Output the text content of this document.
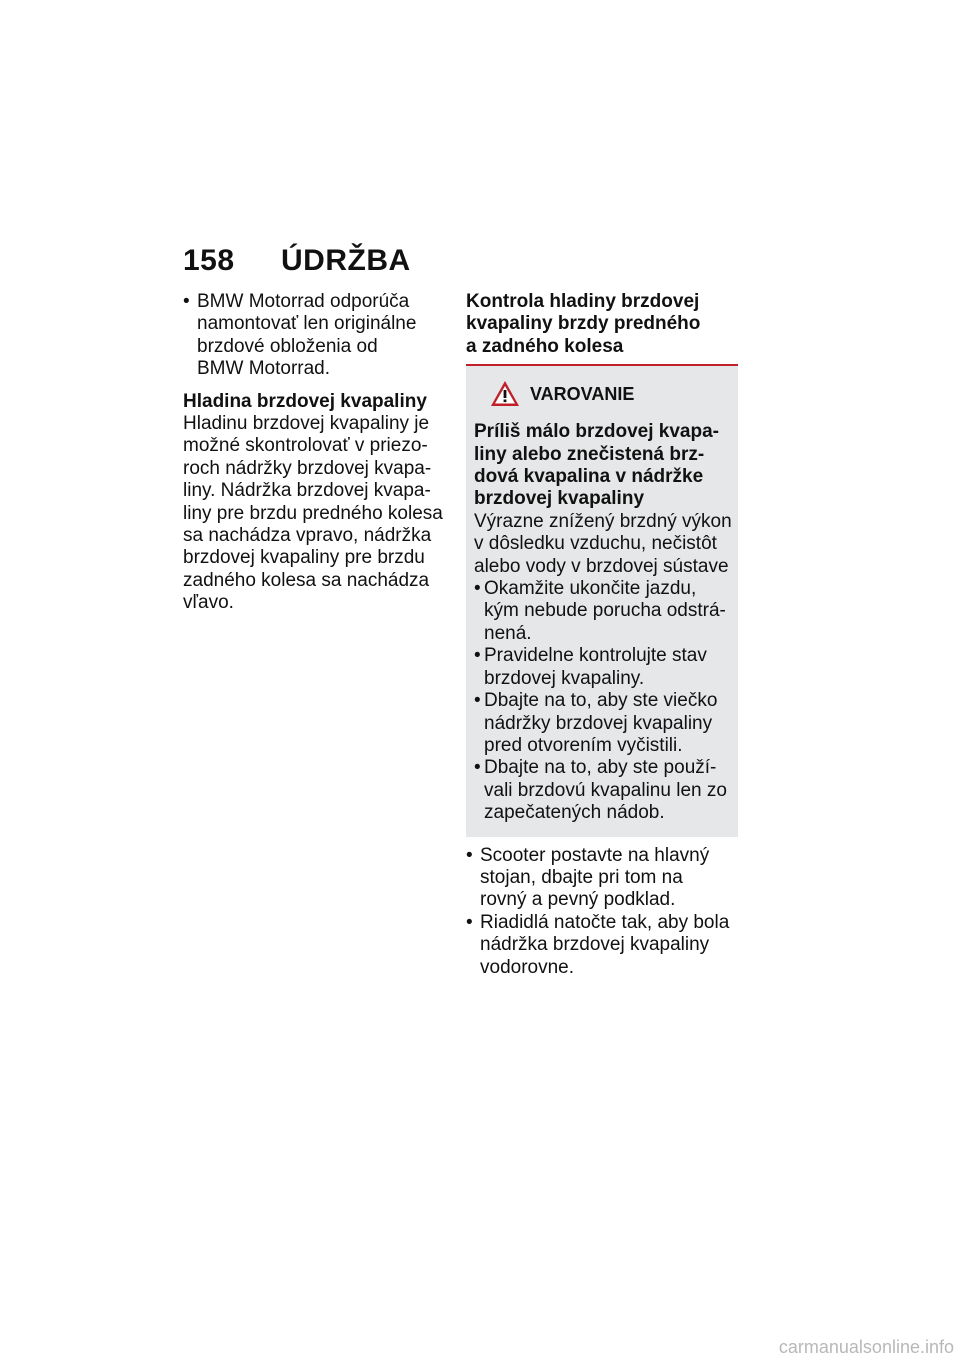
158 ÚDRŽBA
• BMW Motorrad odporúča
namontovať len originálne
brzdové obloženia od
BMW Motorrad.
Hladina brzdovej kvapaliny
Hladinu brzdovej kvapaliny je
možné skontrolovať v priezo-
roch nádržky brzdovej kvapa-
liny. Nádržka brzdovej kvapa-
liny pre brzdu predného kolesa
sa nachádza vpravo, nádržka
brzdovej kvapaliny pre brzdu
zadného kolesa sa nachádza
vľavo.
Kontrola hladiny brzdovej
kvapaliny brzdy predného
a zadného kolesa
VAROVANIE
Príliš málo brzdovej kvapa-
liny alebo znečistená brz-
dová kvapalina v nádržke
brzdovej kvapaliny
Výrazne znížený brzdný výkon
v dôsledku vzduchu, nečistôt
alebo vody v brzdovej sústave
• Okamžite ukončite jazdu,
kým nebude porucha odstrá-
nená.
• Pravidelne kontrolujte stav
brzdovej kvapaliny.
• Dbajte na to, aby ste viečko
nádržky brzdovej kvapaliny
pred otvorením vyčistili.
• Dbajte na to, aby ste použí-
vali brzdovú kvapalinu len zo
zapečatených nádob.
• Scooter postavte na hlavný
stojan, dbajte pri tom na
rovný a pevný podklad.
• Riadidlá natočte tak, aby bola
nádržka brzdovej kvapaliny
vodorovne.
carmanualsonline.info
